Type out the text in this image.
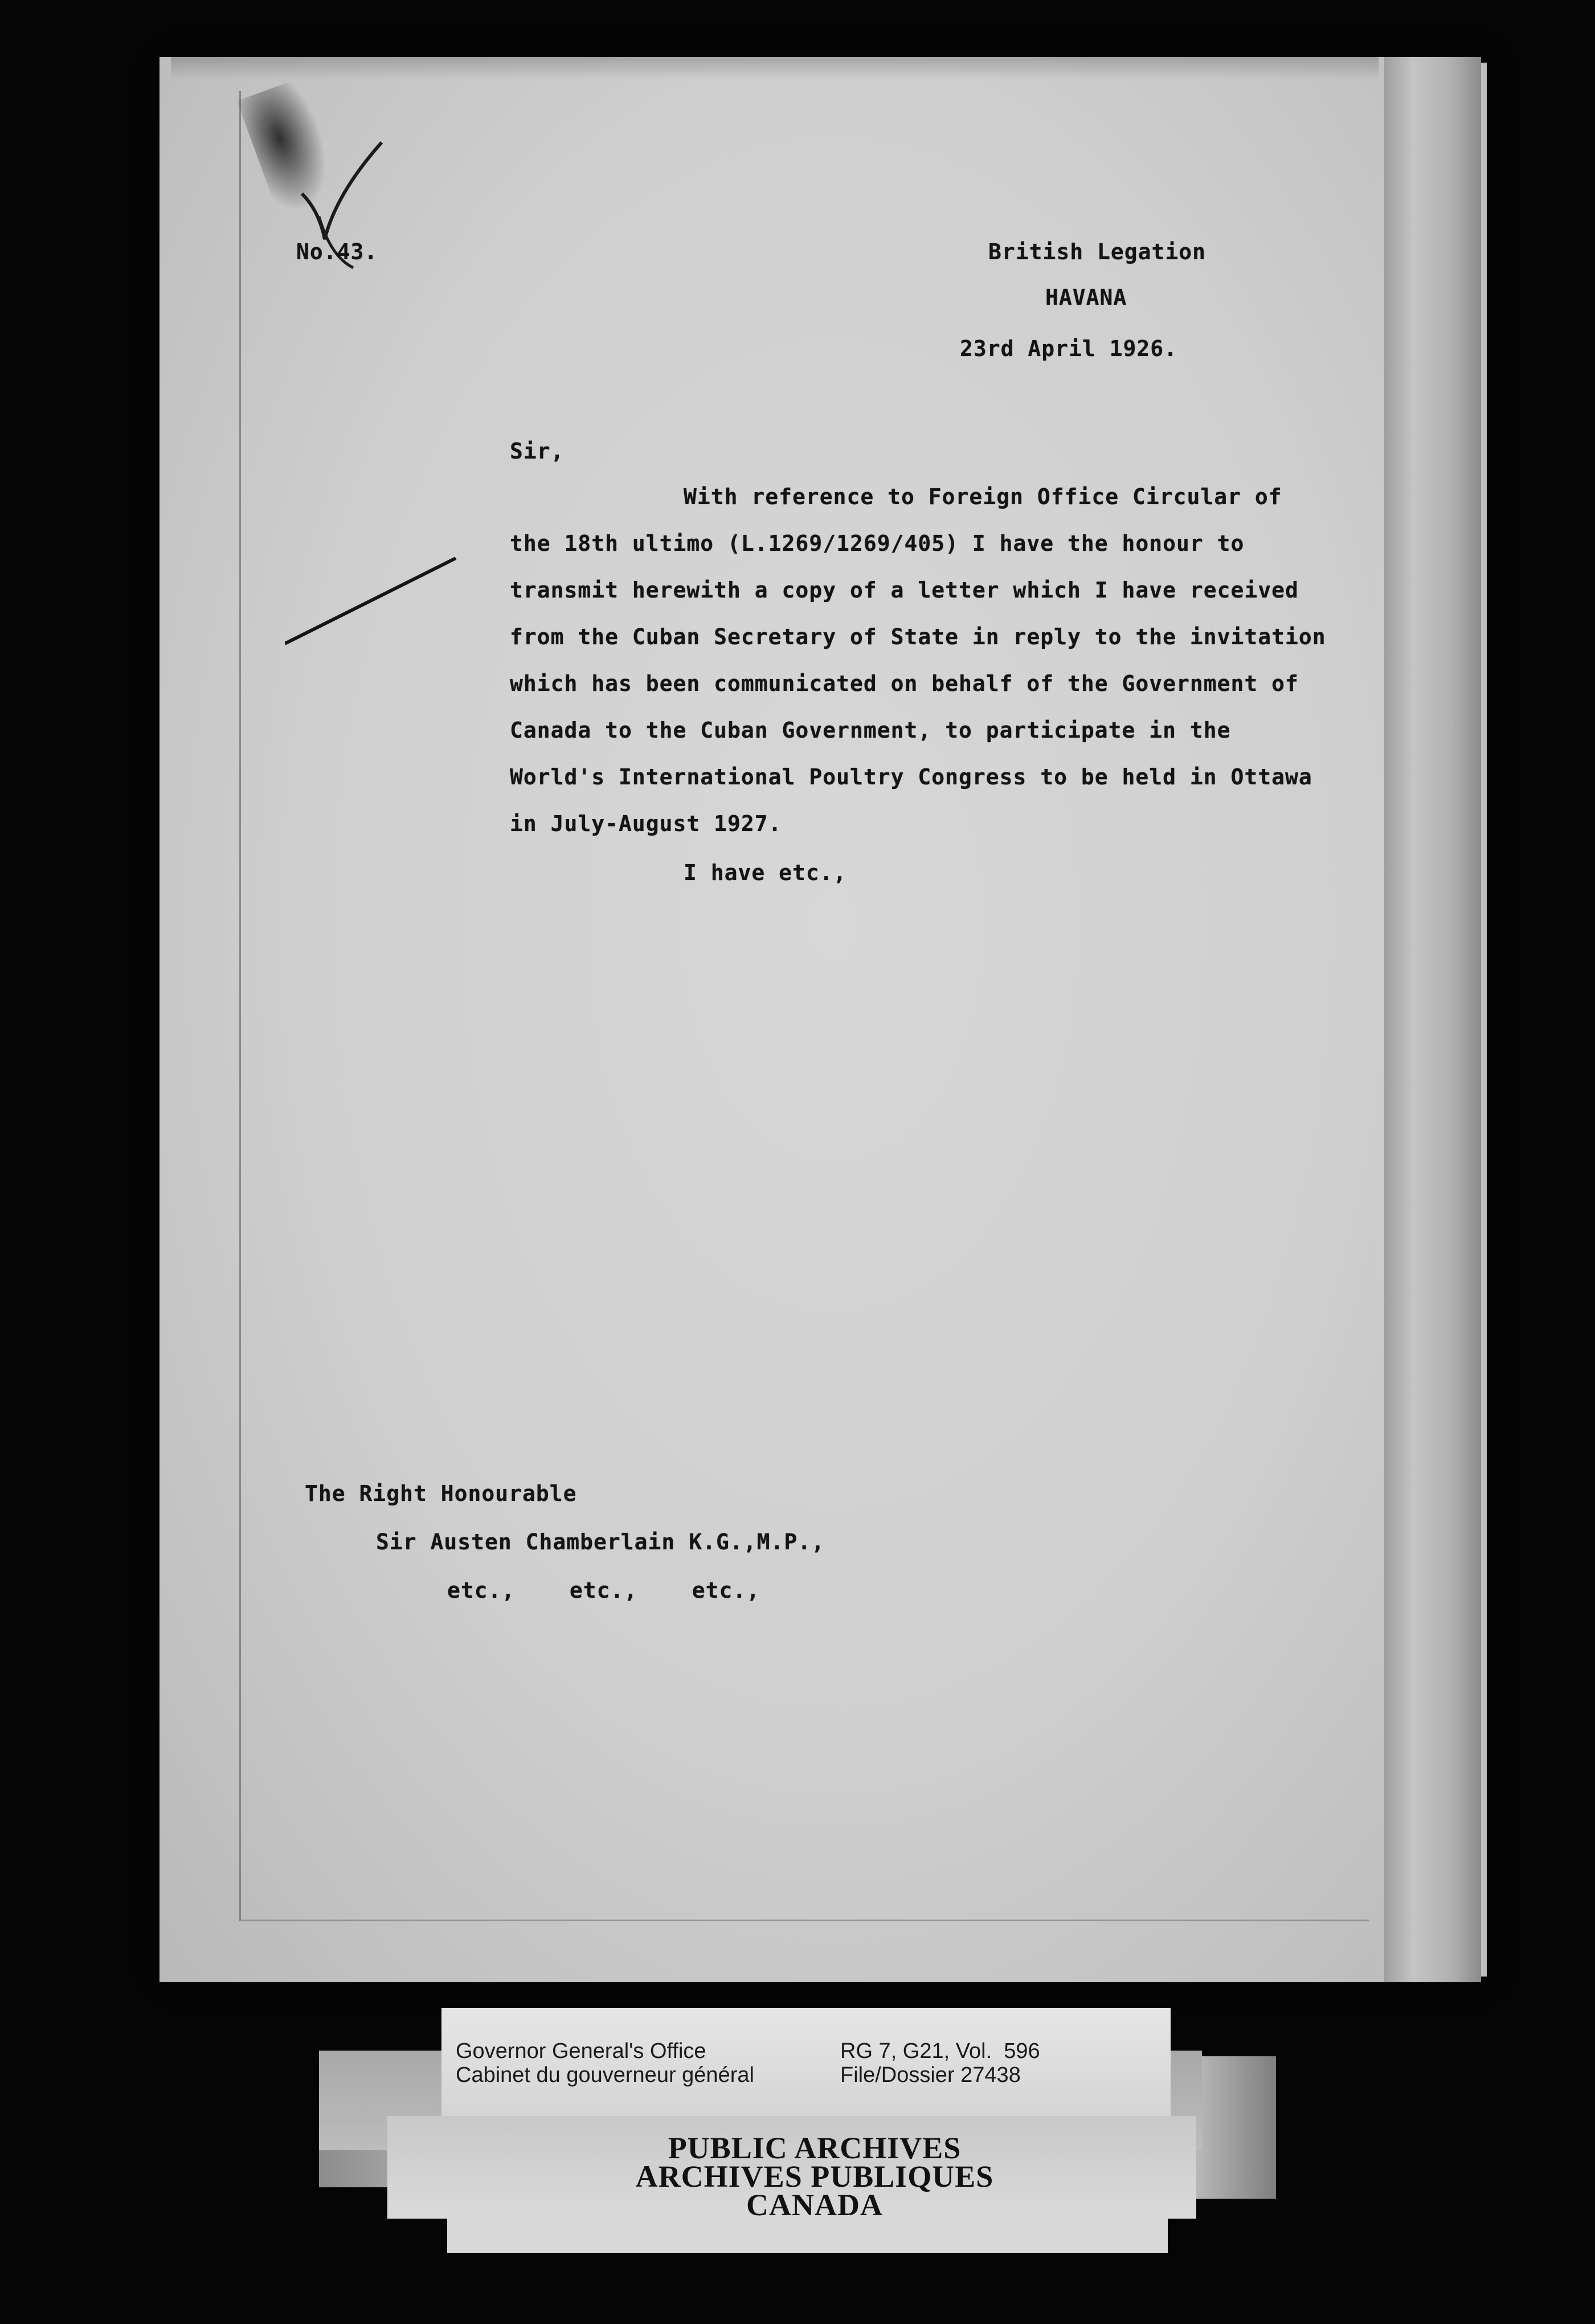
No.43.	British Legation
HAVANA
23rd April 1926.
Sir,
With reference to Foreign Office Circular of
the 18th ultimo (L.1269/1269/405) I have the honour to
transmit herewith a copy of a letter which I have received
from the Cuban Secretary of State in reply to the invitation
which has been communicated on behalf of the Government of
Canada to the Cuban Government, to participate in the
World's International Poultry Congress to be held in Ottawa
in July-August 1927.
I have etc.,
The Right Honourable
Sir Austen Chamberlain K.G.,M.P.,
etc.,    etc.,    etc.,
Governor General's Office
Cabinet du gouverneur général
RG 7, G21, Vol.  596
File/Dossier 27438
PUBLIC ARCHIVES
ARCHIVES PUBLIQUES
CANADA
